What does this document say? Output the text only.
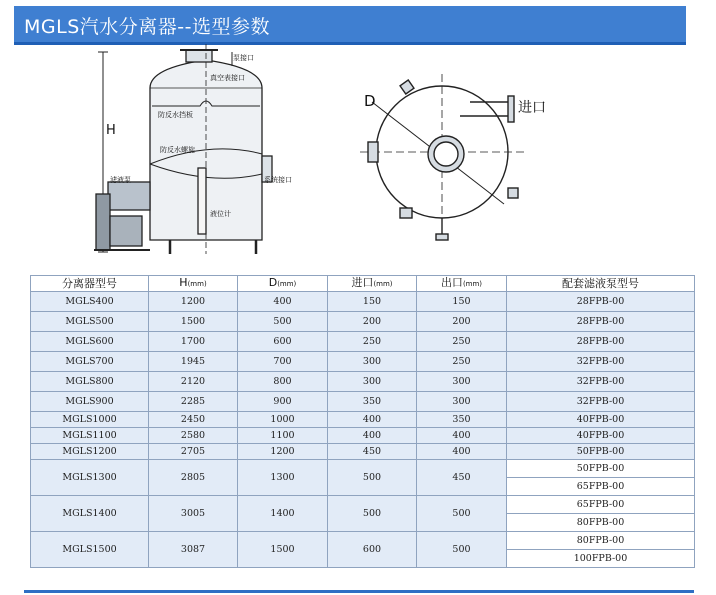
MGLS汽水分离器--选型参数
H
泵接口
真空表接口
防反水挡板
防反水螺旋
系统接口
滤液泵
液位计
D	进口
分离器型号	H(mm)	D(mm)	进口(mm)	出口(mm)	配套滤液泵型号
MGLS400	1200	400	150	150	28FPB-00
MGLS500	1500	500	200	200	28FPB-00
MGLS600	1700	600	250	250	28FPB-00
MGLS700	1945	700	300	250	32FPB-00
MGLS800	2120	800	300	300	32FPB-00
MGLS900	2285	900	350	300	32FPB-00
MGLS1000	2450	1000	400	350	40FPB-00
MGLS1100	2580	1100	400	400	40FPB-00
MGLS1200	2705	1200	450	400	50FPB-00
MGLS1300	2805	1300	500	450	50FPB-00
					65FPB-00
MGLS1400	3005	1400	500	500	65FPB-00
					80FPB-00
MGLS1500	3087	1500	600	500	80FPB-00
					100FPB-00
